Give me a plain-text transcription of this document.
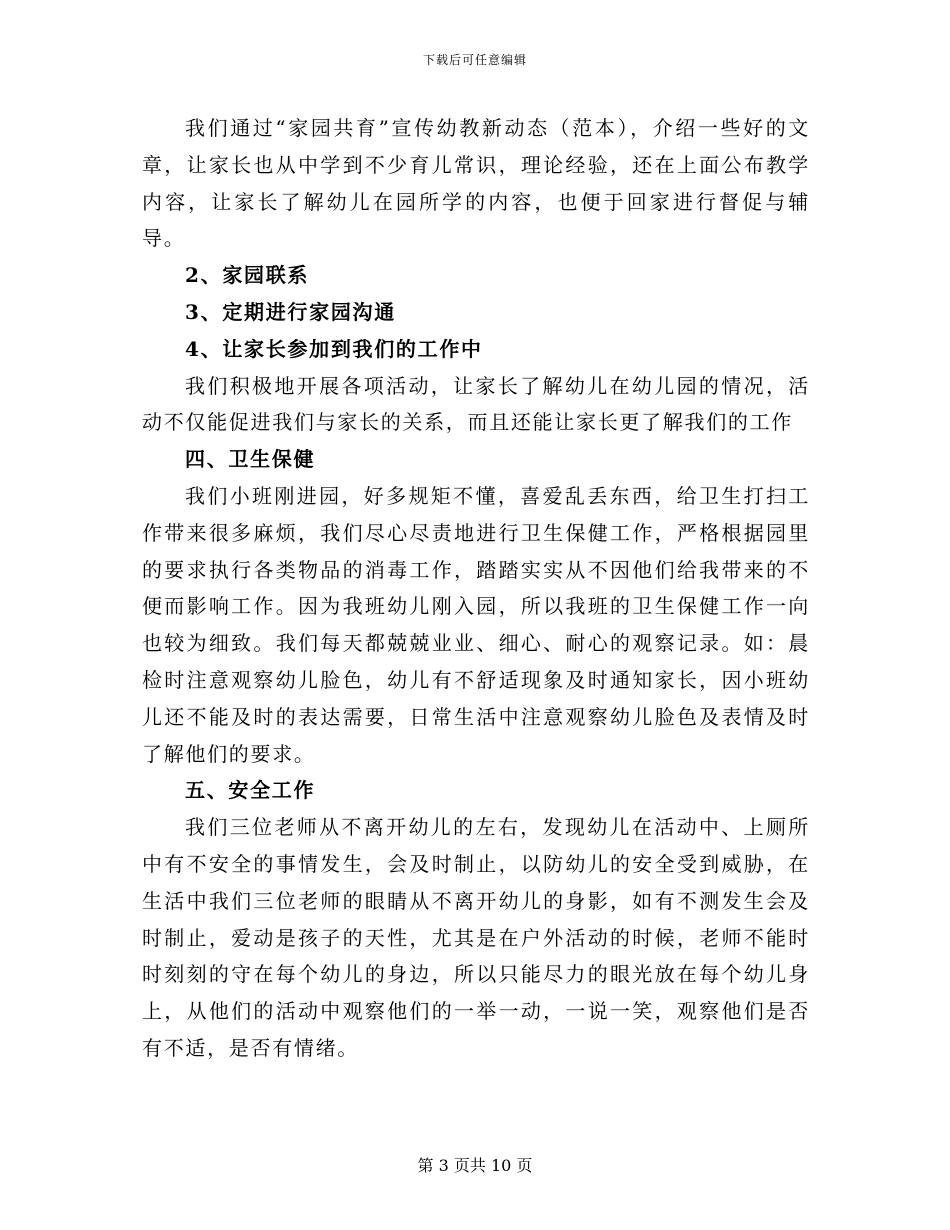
下载后可任意编辑

我们通过“家园共育”宣传幼教新动态（范本），介绍一些好的文章，让家长也从中学到不少育儿常识，理论经验，还在上面公布教学内容，让家长了解幼儿在园所学的内容，也便于回家进行督促与辅导。

2、家园联系

3、定期进行家园沟通

4、让家长参加到我们的工作中

我们积极地开展各项活动，让家长了解幼儿在幼儿园的情况，活动不仅能促进我们与家长的关系，而且还能让家长更了解我们的工作

四、卫生保健

我们小班刚进园，好多规矩不懂，喜爱乱丢东西，给卫生打扫工作带来很多麻烦，我们尽心尽责地进行卫生保健工作，严格根据园里的要求执行各类物品的消毒工作，踏踏实实从不因他们给我带来的不便而影响工作。因为我班幼儿刚入园，所以我班的卫生保健工作一向也较为细致。我们每天都兢兢业业、细心、耐心的观察记录。如：晨检时注意观察幼儿脸色，幼儿有不舒适现象及时通知家长，因小班幼儿还不能及时的表达需要，日常生活中注意观察幼儿脸色及表情及时了解他们的要求。

五、安全工作

我们三位老师从不离开幼儿的左右，发现幼儿在活动中、上厕所中有不安全的事情发生，会及时制止，以防幼儿的安全受到威胁，在生活中我们三位老师的眼睛从不离开幼儿的身影，如有不测发生会及时制止，爱动是孩子的天性，尤其是在户外活动的时候，老师不能时时刻刻的守在每个幼儿的身边，所以只能尽力的眼光放在每个幼儿身上，从他们的活动中观察他们的一举一动，一说一笑，观察他们是否有不适，是否有情绪。

第 3 页共 10 页
